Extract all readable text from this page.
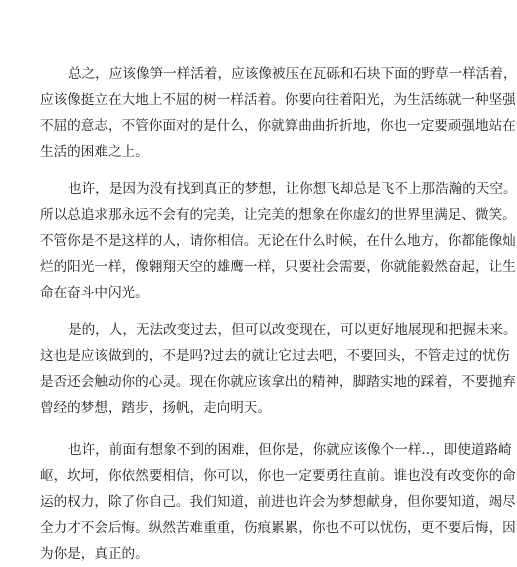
总之，应该像笋一样活着，应该像被压在瓦砾和石块下面的野草一样活着，
应该像挺立在大地上不屈的树一样活着。你要向往着阳光，为生活练就一种坚强
不屈的意志，不管你面对的是什么，你就算曲曲折折地，你也一定要顽强地站在
生活的困难之上。
也许，是因为没有找到真正的梦想，让你想飞却总是飞不上那浩瀚的天空。
所以总追求那永远不会有的完美，让完美的想象在你虚幻的世界里满足、微笑。
不管你是不是这样的人，请你相信。无论在什么时候，在什么地方，你都能像灿
烂的阳光一样，像翱翔天空的雄鹰一样，只要社会需要，你就能毅然奋起，让生
命在奋斗中闪光。
是的，人，无法改变过去，但可以改变现在，可以更好地展现和把握未来。
这也是应该做到的，不是吗?过去的就让它过去吧，不要回头，不管走过的忧伤
是否还会触动你的心灵。现在你就应该拿出的精神，脚踏实地的踩着，不要抛弃
曾经的梦想，踏步，扬帆，走向明天。
也许，前面有想象不到的困难，但你是，你就应该像个一样..，即使道路崎
岖，坎坷，你依然要相信，你可以，你也一定要勇往直前。谁也没有改变你的命
运的权力，除了你自己。我们知道，前进也许会为梦想献身，但你要知道，竭尽
全力才不会后悔。纵然苦难重重，伤痕累累，你也不可以忧伤，更不要后悔，因
为你是，真正的。
